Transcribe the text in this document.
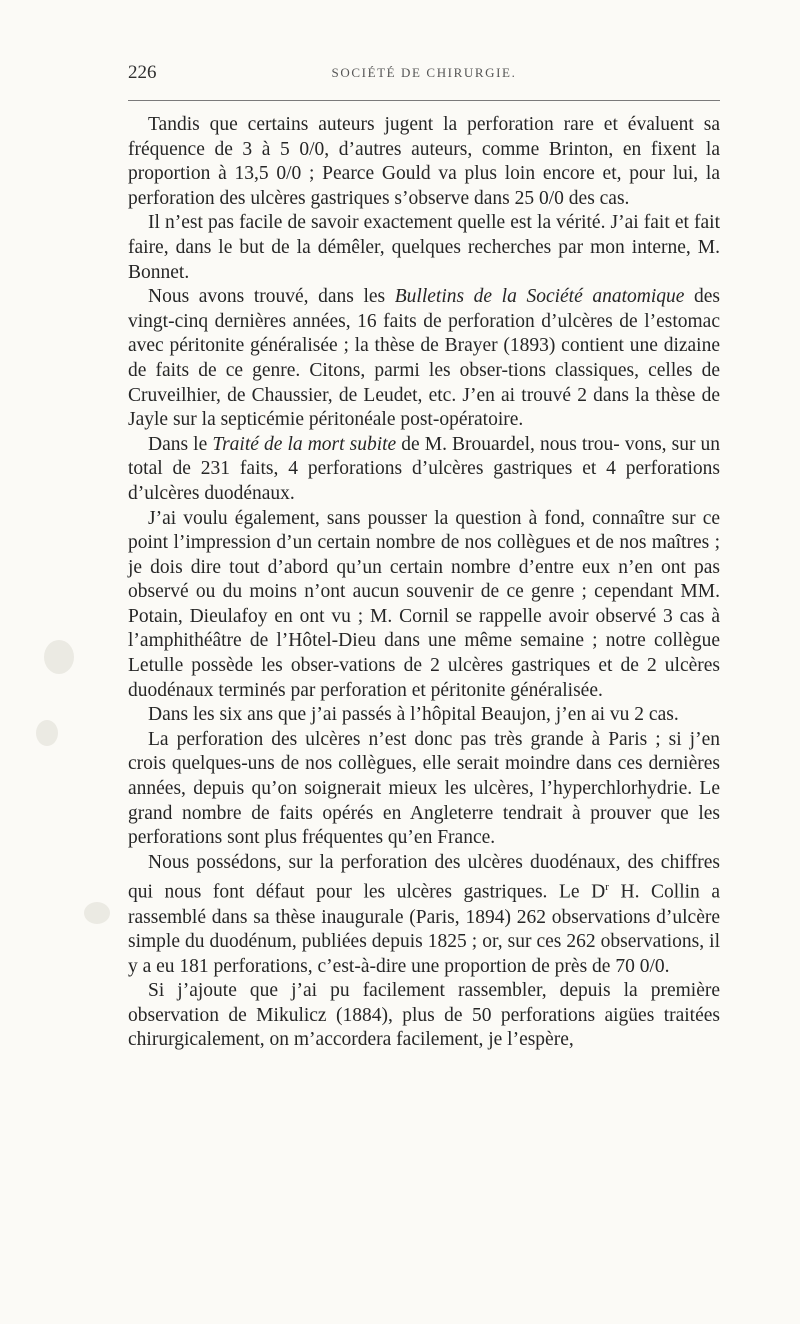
226	SOCIÉTÉ DE CHIRURGIE.

Tandis que certains auteurs jugent la perforation rare et évaluent sa fréquence de 3 à 5 0/0, d’autres auteurs, comme Brinton, en fixent la proportion à 13,5 0/0 ; Pearce Gould va plus loin encore et, pour lui, la perforation des ulcères gastriques s’observe dans 25 0/0 des cas.

Il n’est pas facile de savoir exactement quelle est la vérité. J’ai fait et fait faire, dans le but de la démêler, quelques recherches par mon interne, M. Bonnet.

Nous avons trouvé, dans les Bulletins de la Société anatomique des vingt-cinq dernières années, 16 faits de perforation d’ulcères de l’estomac avec péritonite généralisée ; la thèse de Brayer (1893) contient une dizaine de faits de ce genre. Citons, parmi les obser-tions classiques, celles de Cruveilhier, de Chaussier, de Leudet, etc. J’en ai trouvé 2 dans la thèse de Jayle sur la septicémie péritonéale post-opératoire.

Dans le Traité de la mort subite de M. Brouardel, nous trou- vons, sur un total de 231 faits, 4 perforations d’ulcères gastriques et 4 perforations d’ulcères duodénaux.

J’ai voulu également, sans pousser la question à fond, connaître sur ce point l’impression d’un certain nombre de nos collègues et de nos maîtres ; je dois dire tout d’abord qu’un certain nombre d’entre eux n’en ont pas observé ou du moins n’ont aucun souvenir de ce genre ; cependant MM. Potain, Dieulafoy en ont vu ; M. Cornil se rappelle avoir observé 3 cas à l’amphithéâtre de l’Hôtel-Dieu dans une même semaine ; notre collègue Letulle possède les obser-vations de 2 ulcères gastriques et de 2 ulcères duodénaux terminés par perforation et péritonite généralisée.

Dans les six ans que j’ai passés à l’hôpital Beaujon, j’en ai vu 2 cas.

La perforation des ulcères n’est donc pas très grande à Paris ; si j’en crois quelques-uns de nos collègues, elle serait moindre dans ces dernières années, depuis qu’on soignerait mieux les ulcères, l’hyperchlorhydrie. Le grand nombre de faits opérés en Angleterre tendrait à prouver que les perforations sont plus fréquentes qu’en France.

Nous possédons, sur la perforation des ulcères duodénaux, des chiffres qui nous font défaut pour les ulcères gastriques. Le $D^r$ H. Collin a rassemblé dans sa thèse inaugurale (Paris, 1894) 262 observations d’ulcère simple du duodénum, publiées depuis 1825 ; or, sur ces 262 observations, il y a eu 181 perforations, c’est-à-dire une proportion de près de 70 0/0.

Si j’ajoute que j’ai pu facilement rassembler, depuis la première observation de Mikulicz (1884), plus de 50 perforations aigües traitées chirurgicalement, on m’accordera facilement, je l’espère,
